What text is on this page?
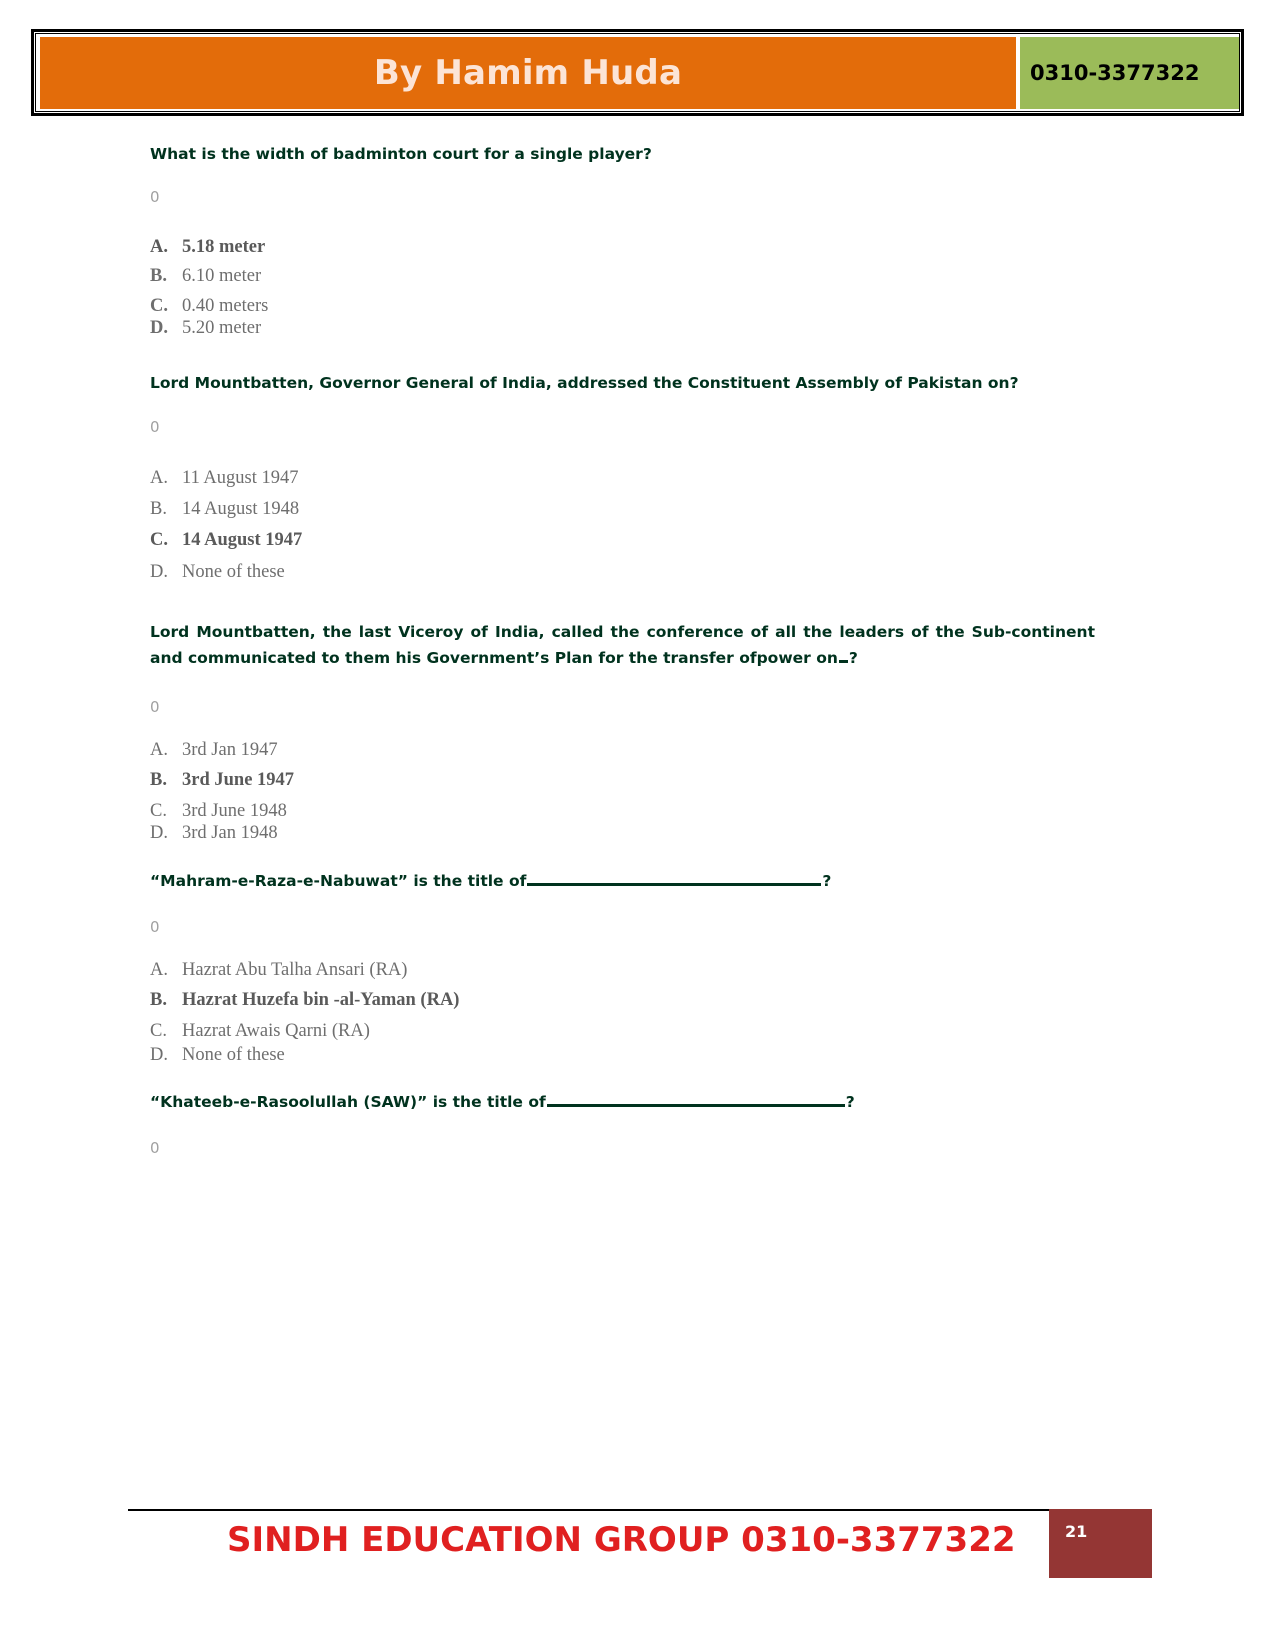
By Hamim Huda	0310-3377322
What is the width of badminton court for a single player?
0
A. 5.18 meter
B. 6.10 meter
C. 0.40 meters
D. 5.20 meter
Lord Mountbatten, Governor General of India, addressed the Constituent Assembly of Pakistan on?
0
A. 11 August 1947
B. 14 August 1948
C. 14 August 1947
D. None of these
Lord Mountbatten, the last Viceroy of India, called the conference of all the leaders of the Sub-continent and communicated to them his Government’s Plan for the transfer ofpower on ?
0
A. 3rd Jan 1947
B. 3rd June 1947
C. 3rd June 1948
D. 3rd Jan 1948
“Mahram-e-Raza-e-Nabuwat” is the title of	?
0
A. Hazrat Abu Talha Ansari (RA)
B. Hazrat Huzefa bin -al-Yaman (RA)
C. Hazrat Awais Qarni (RA)
D. None of these
“Khateeb-e-Rasoolullah (SAW)” is the title of	?
0
SINDH EDUCATION GROUP 0310-3377322	21
